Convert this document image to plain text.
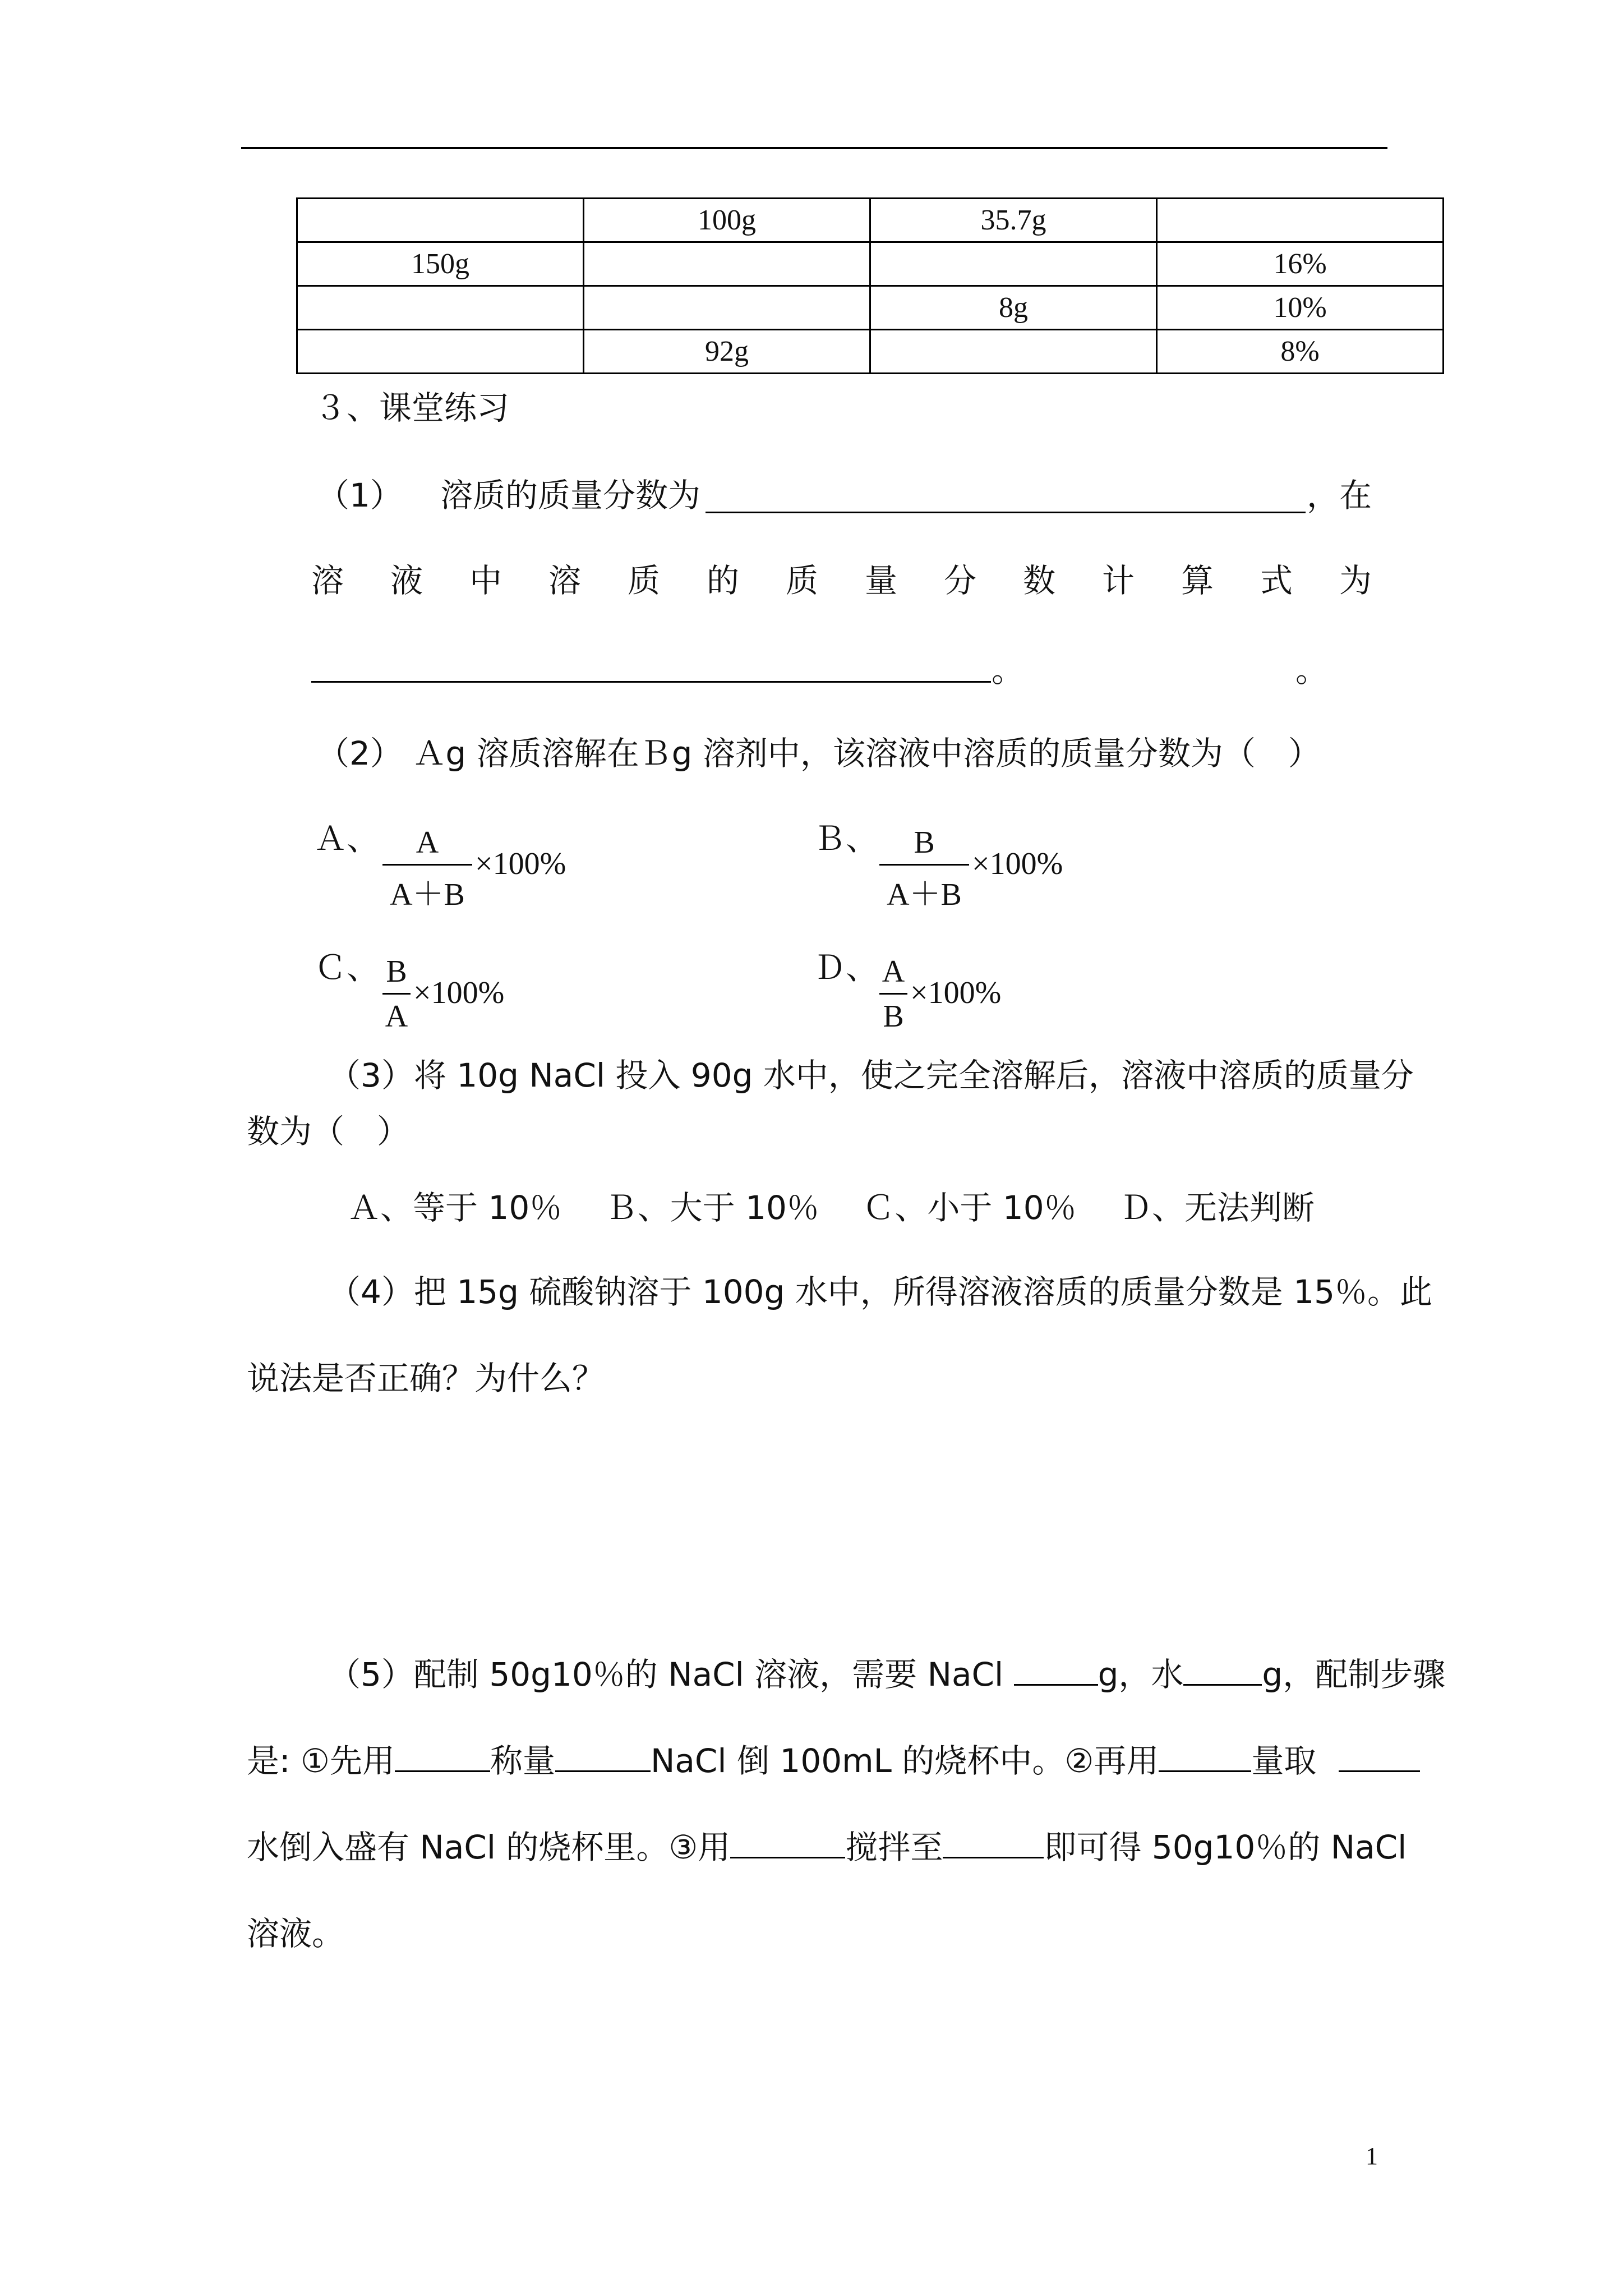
	100g	35.7g	
150g			16%
		8g	10%
	92g		8%
３、课堂练习
（1） 溶质的质量分数为	，在
溶 液 中 溶 质 的 质 量 分 数 计 算 式 为
。	。
（2） Ａg 溶质溶解在Ｂg 溶剂中，该溶液中溶质的质量分数为（　）
Ａ、	A
A＋B
×100%
Ｂ、	B
A＋B
×100%
Ｃ、 B
A
×100%
Ｄ、 A
B
×100%
（3）将 10g NaCl 投入 90g 水中，使之完全溶解后，溶液中溶质的质量分
数为（　）
Ａ、等于 10％　 Ｂ、大于 10％　 Ｃ、小于 10％　 Ｄ、无法判断
（4）把 15g 硫酸钠溶于 100g 水中，所得溶液溶质的质量分数是 15％。此
说法是否正确？为什么？
（5）配制 50g10％的 NaCl 溶液，需要 NaCl	g，水 g，配制步骤
是: ①先用	称量	NaCl 倒 100mL 的烧杯中。②再用	量取
水倒入盛有 NaCl 的烧杯里。③用	搅拌至	即可得 50g10％的 NaCl
溶液。
1
